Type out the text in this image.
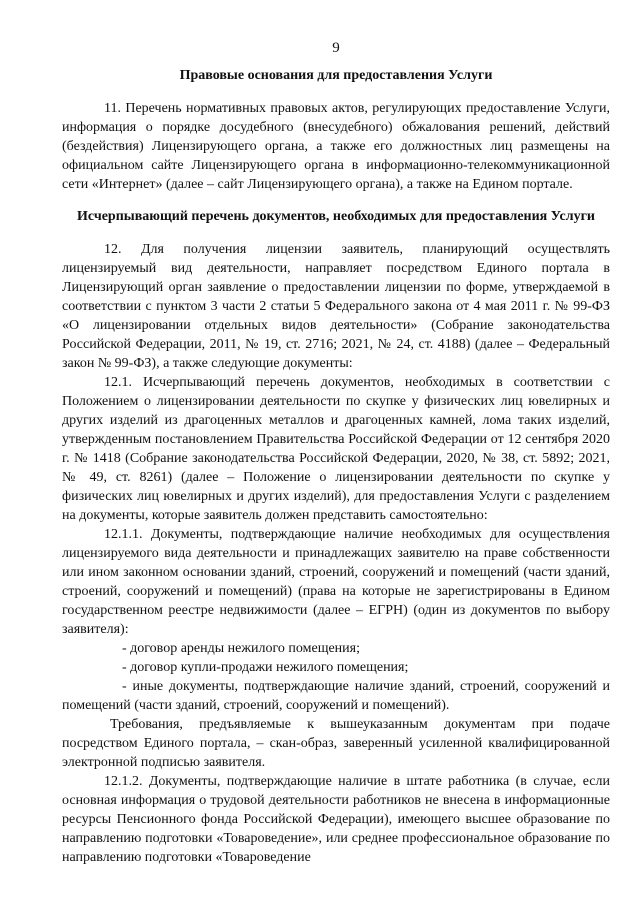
9
Правовые основания для предоставления Услуги

11. Перечень нормативных правовых актов, регулирующих предоставление Услуги, информация о порядке досудебного (внесудебного) обжалования решений, действий (бездействия) Лицензирующего органа, а также его должностных лиц размещены на официальном сайте Лицензирующего органа в информационно-телекоммуникационной сети «Интернет» (далее – сайт Лицензирующего органа), а также на Едином портале.

Исчерпывающий перечень документов, необходимых для предоставления Услуги

12. Для получения лицензии заявитель, планирующий осуществлять лицензируемый вид деятельности, направляет посредством Единого портала в Лицензирующий орган заявление о предоставлении лицензии по форме, утверждаемой в соответствии с пунктом 3 части 2 статьи 5 Федерального закона от 4 мая 2011 г. № 99-ФЗ «О лицензировании отдельных видов деятельности» (Собрание законодательства Российской Федерации, 2011, № 19, ст. 2716; 2021, № 24, ст. 4188) (далее – Федеральный закон № 99-ФЗ), а также следующие документы:

12.1. Исчерпывающий перечень документов, необходимых в соответствии с Положением о лицензировании деятельности по скупке у физических лиц ювелирных и других изделий из драгоценных металлов и драгоценных камней, лома таких изделий, утвержденным постановлением Правительства Российской Федерации от 12 сентября 2020 г. № 1418 (Собрание законодательства Российской Федерации, 2020, № 38, ст. 5892; 2021, № 49, ст. 8261) (далее – Положение о лицензировании деятельности по скупке у физических лиц ювелирных и других изделий), для предоставления Услуги с разделением на документы, которые заявитель должен представить самостоятельно:

12.1.1. Документы, подтверждающие наличие необходимых для осуществления лицензируемого вида деятельности и принадлежащих заявителю на праве собственности или ином законном основании зданий, строений, сооружений и помещений (части зданий, строений, сооружений и помещений) (права на которые не зарегистрированы в Едином государственном реестре недвижимости (далее – ЕГРН) (один из документов по выбору заявителя):

- договор аренды нежилого помещения;

- договор купли-продажи нежилого помещения;

- иные документы, подтверждающие наличие зданий, строений, сооружений и помещений (части зданий, строений, сооружений и помещений).

Требования, предъявляемые к вышеуказанным документам при подаче посредством Единого портала, – скан-образ, заверенный усиленной квалифицированной электронной подписью заявителя.

12.1.2. Документы, подтверждающие наличие в штате работника (в случае, если основная информация о трудовой деятельности работников не внесена в информационные ресурсы Пенсионного фонда Российской Федерации), имеющего высшее образование по направлению подготовки «Товароведение», или среднее профессиональное образование по направлению подготовки «Товароведение
